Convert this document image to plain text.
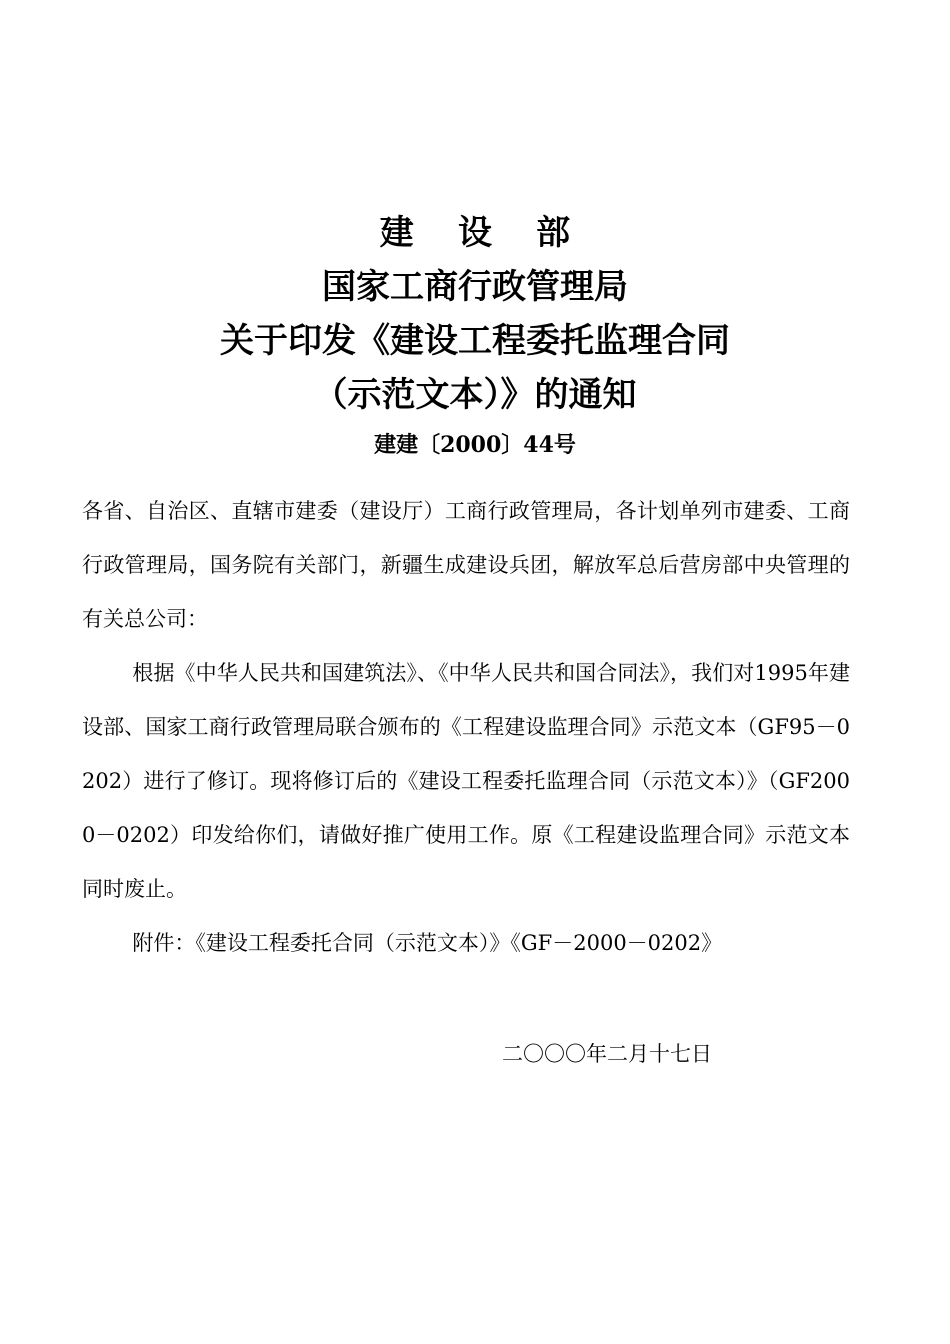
建设部
国家工商行政管理局
关于印发《建设工程委托监理合同
（示范文本）》的通知
建建〔2000〕44号

各省、自治区、直辖市建委（建设厅）工商行政管理局，各计划单列市建委、工商行政管理局，国务院有关部门，新疆生成建设兵团，解放军总后营房部中央管理的有关总公司：

根据《中华人民共和国建筑法》、《中华人民共和国合同法》，我们对1995年建设部、国家工商行政管理局联合颁布的《工程建设监理合同》示范文本（GF95－0202）进行了修订。现将修订后的《建设工程委托监理合同（示范文本）》（GF2000－0202）印发给你们，请做好推广使用工作。原《工程建设监理合同》示范文本同时废止。

附件：《建设工程委托合同（示范文本）》《GF－2000－0202》

二〇〇〇年二月十七日
